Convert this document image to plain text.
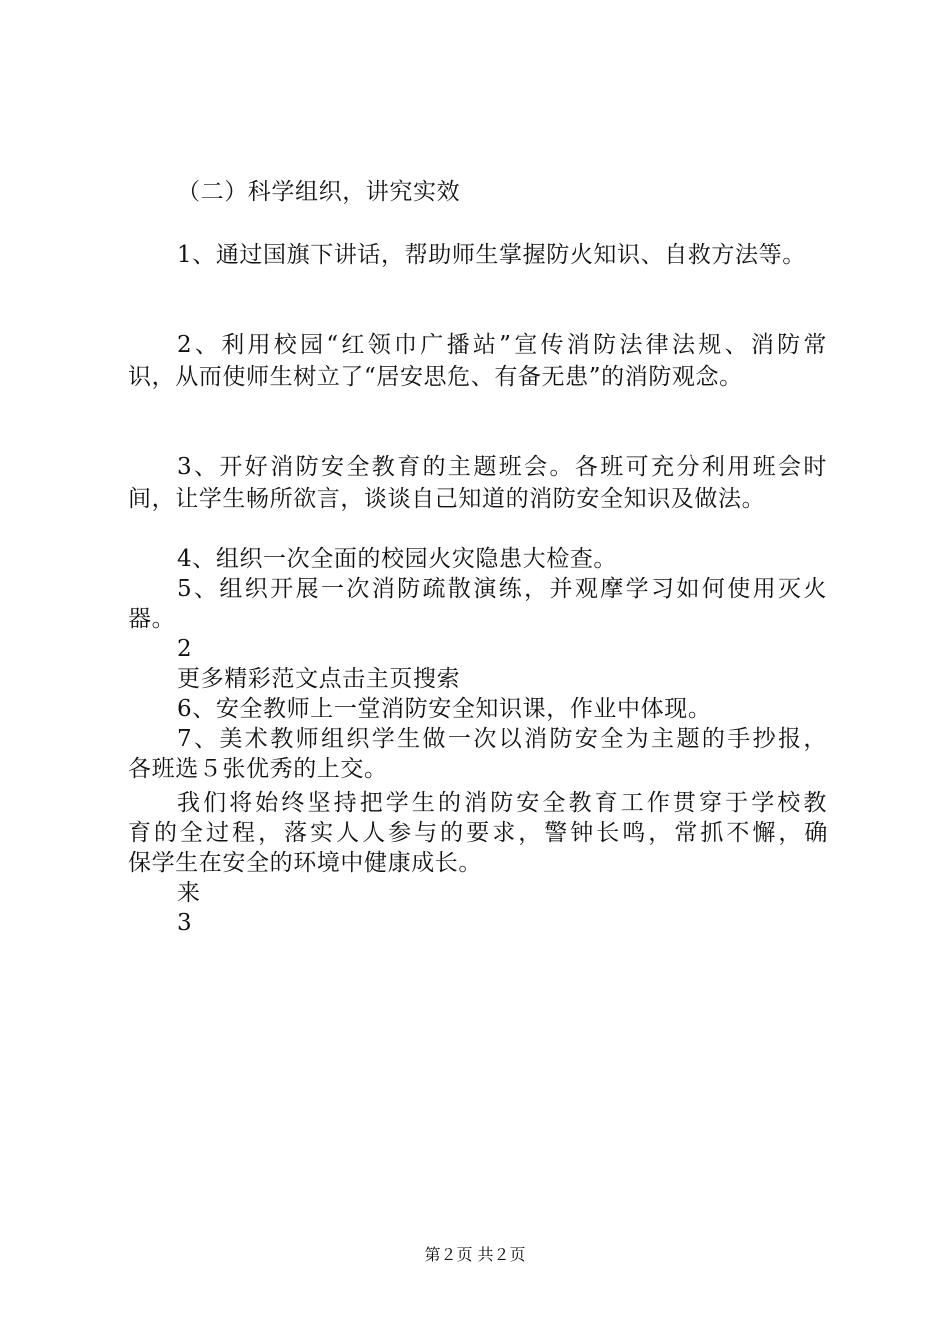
（二）科学组织，讲究实效
1、通过国旗下讲话，帮助师生掌握防火知识、自救方法等。
2、利用校园“红领巾广播站”宣传消防法律法规、消防常
识，从而使师生树立了“居安思危、有备无患”的消防观念。
3、开好消防安全教育的主题班会。各班可充分利用班会时
间，让学生畅所欲言，谈谈自己知道的消防安全知识及做法。
4、组织一次全面的校园火灾隐患大检查。
5、组织开展一次消防疏散演练，并观摩学习如何使用灭火
器。
2
更多精彩范文点击主页搜索
6、安全教师上一堂消防安全知识课，作业中体现。
7、美术教师组织学生做一次以消防安全为主题的手抄报，
各班选５张优秀的上交。
我们将始终坚持把学生的消防安全教育工作贯穿于学校教
育的全过程，落实人人参与的要求，警钟长鸣，常抓不懈，确
保学生在安全的环境中健康成长。
来
3
第２页 共２页
